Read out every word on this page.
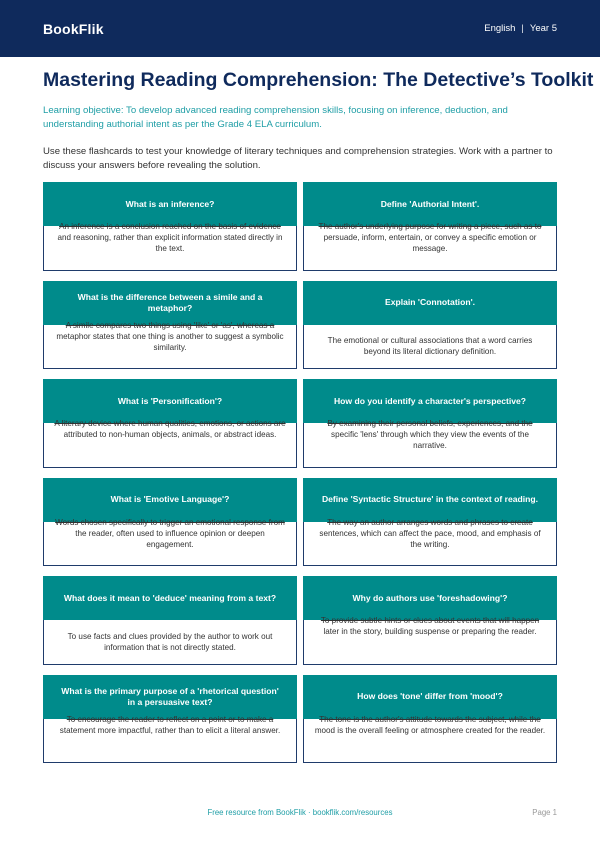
BookFlik	English | Year 5
Mastering Reading Comprehension: The Detective’s Toolkit

Learning objective: To develop advanced reading comprehension skills, focusing on inference, deduction, and understanding authorial intent as per the Grade 4 ELA curriculum.

Use these flashcards to test your knowledge of literary techniques and comprehension strategies. Work with a partner to discuss your answers before revealing the solution.

What is an inference?
An inference is a conclusion reached on the basis of evidence and reasoning, rather than explicit information stated directly in the text.
Define 'Authorial Intent'.
The author's underlying purpose for writing a piece, such as to persuade, inform, entertain, or convey a specific emotion or message.
What is the difference between a simile and a metaphor?
A simile compares two things using 'like' or 'as', whereas a metaphor states that one thing is another to suggest a symbolic similarity.
Explain 'Connotation'.
The emotional or cultural associations that a word carries beyond its literal dictionary definition.
What is 'Personification'?
A literary device where human qualities, emotions, or actions are attributed to non-human objects, animals, or abstract ideas.
How do you identify a character's perspective?
By examining their personal beliefs, experiences, and the specific 'lens' through which they view the events of the narrative.
What is 'Emotive Language'?
Words chosen specifically to trigger an emotional response from the reader, often used to influence opinion or deepen engagement.
Define 'Syntactic Structure' in the context of reading.
The way an author arranges words and phrases to create sentences, which can affect the pace, mood, and emphasis of the writing.
What does it mean to 'deduce' meaning from a text?
To use facts and clues provided by the author to work out information that is not directly stated.
Why do authors use 'foreshadowing'?
To provide subtle hints or clues about events that will happen later in the story, building suspense or preparing the reader.
What is the primary purpose of a 'rhetorical question' in a persuasive text?
To encourage the reader to reflect on a point or to make a statement more impactful, rather than to elicit a literal answer.
How does 'tone' differ from 'mood'?
The tone is the author's attitude towards the subject, while the mood is the overall feeling or atmosphere created for the reader.
Free resource from BookFlik · bookflik.com/resources	Page 1
